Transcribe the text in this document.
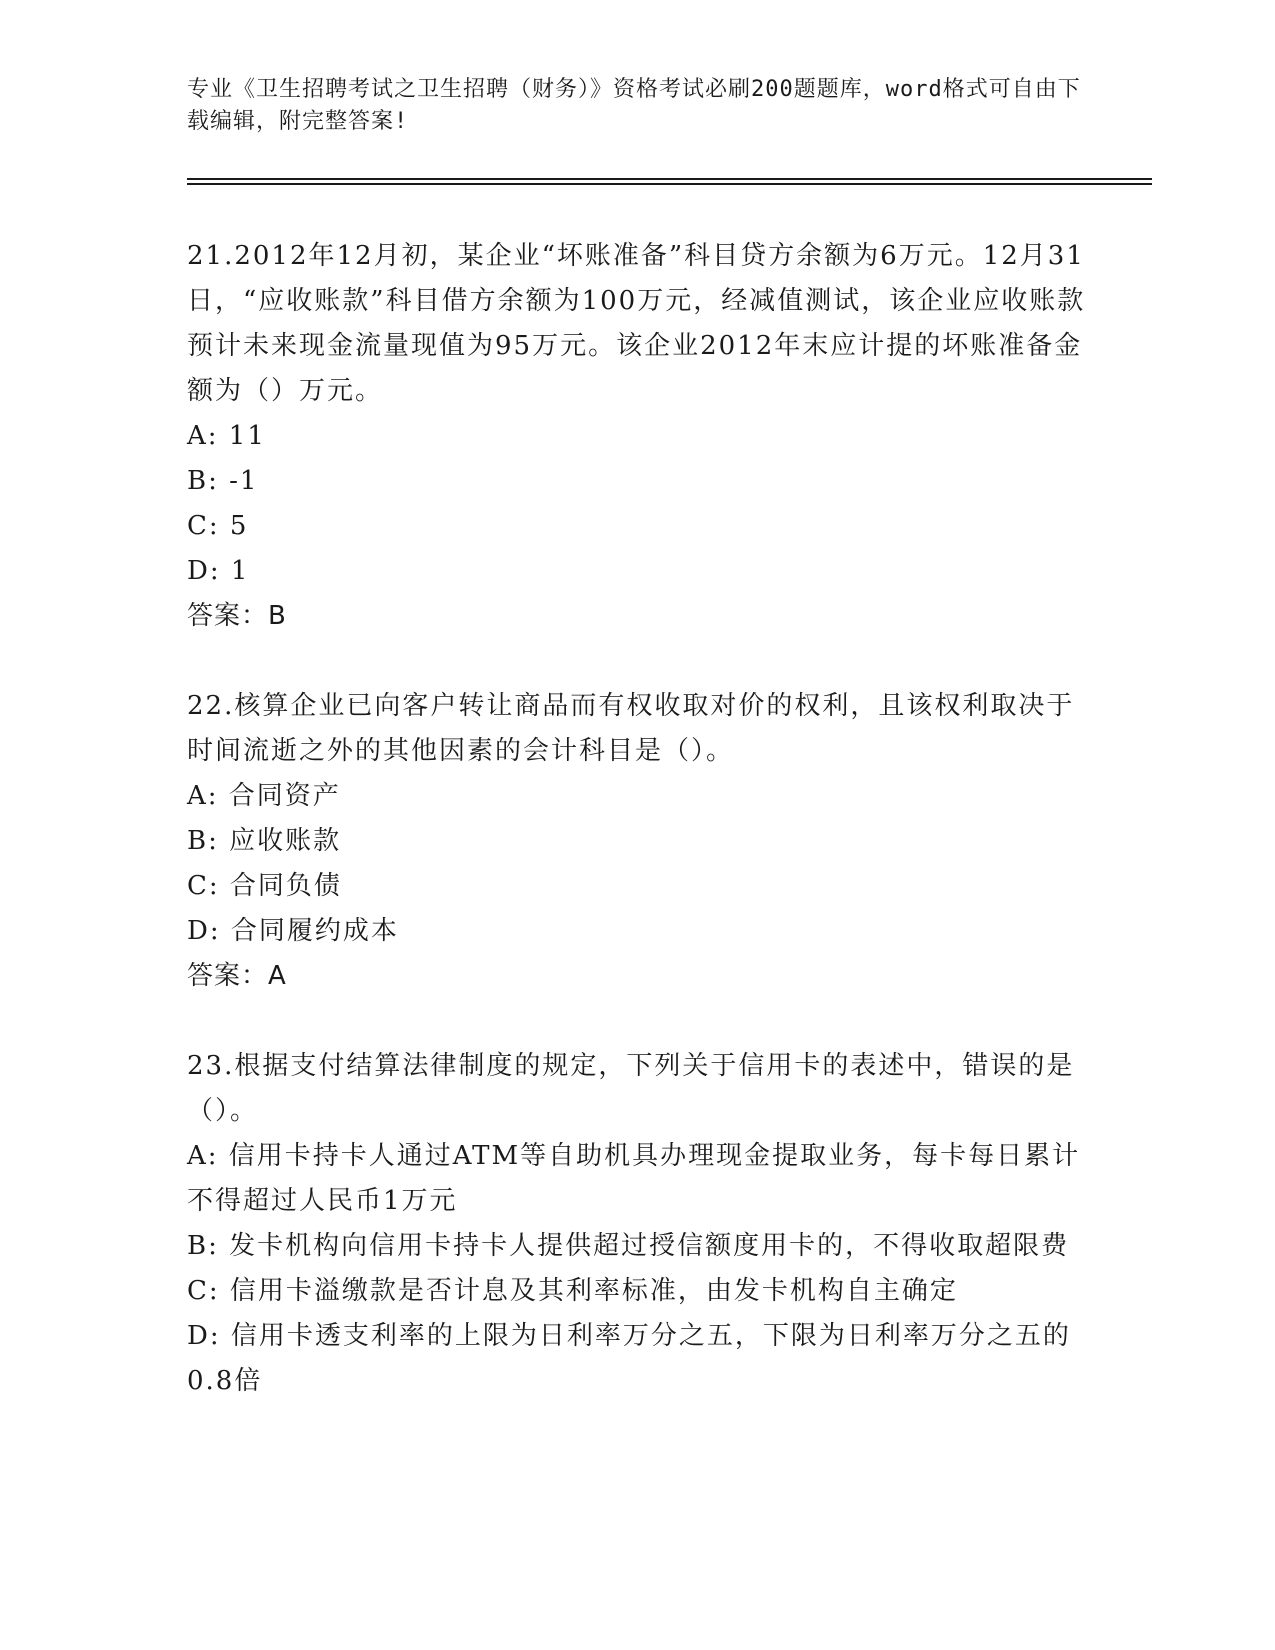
专业《卫生招聘考试之卫生招聘（财务）》资格考试必刷200题题库，word格式可自由下载编辑，附完整答案!

21.2012年12月初，某企业“坏账准备”科目贷方余额为6万元。12月31日，“应收账款”科目借方余额为100万元，经减值测试，该企业应收账款预计未来现金流量现值为95万元。该企业2012年末应计提的坏账准备金额为（）万元。

A: 11

B: -1

C: 5

D: 1

答案：B

22.核算企业已向客户转让商品而有权收取对价的权利，且该权利取决于时间流逝之外的其他因素的会计科目是（）。

A: 合同资产

B: 应收账款

C: 合同负债

D: 合同履约成本

答案：A

23.根据支付结算法律制度的规定，下列关于信用卡的表述中，错误的是（）。

A: 信用卡持卡人通过ATM等自助机具办理现金提取业务，每卡每日累计不得超过人民币1万元

B: 发卡机构向信用卡持卡人提供超过授信额度用卡的，不得收取超限费

C: 信用卡溢缴款是否计息及其利率标准，由发卡机构自主确定

D: 信用卡透支利率的上限为日利率万分之五，下限为日利率万分之五的0.8倍
